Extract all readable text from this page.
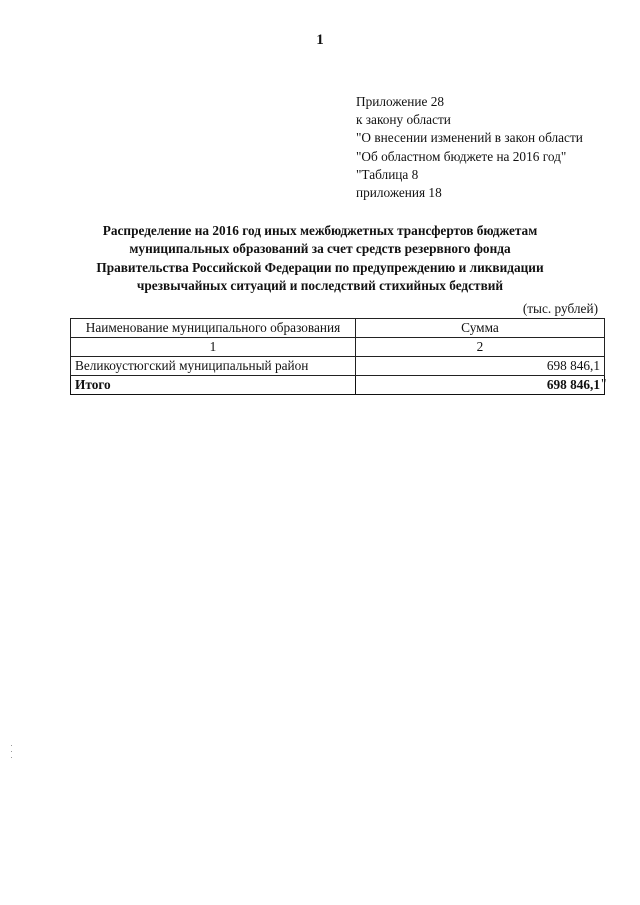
1
Приложение 28
к закону области
"О внесении изменений в закон области
"Об областном бюджете на 2016 год"
"Таблица 8
приложения 18
Распределение на 2016 год иных межбюджетных трансфертов бюджетам
муниципальных образований за счет средств резервного фонда
Правительства Российской Федерации по предупреждению и ликвидации
чрезвычайных ситуаций и последствий стихийных бедствий
(тыс. рублей)
Наименование муниципального образования	Сумма
1	2
Великоустюгский муниципальный район	698 846,1
Итого	698 846,1 "
